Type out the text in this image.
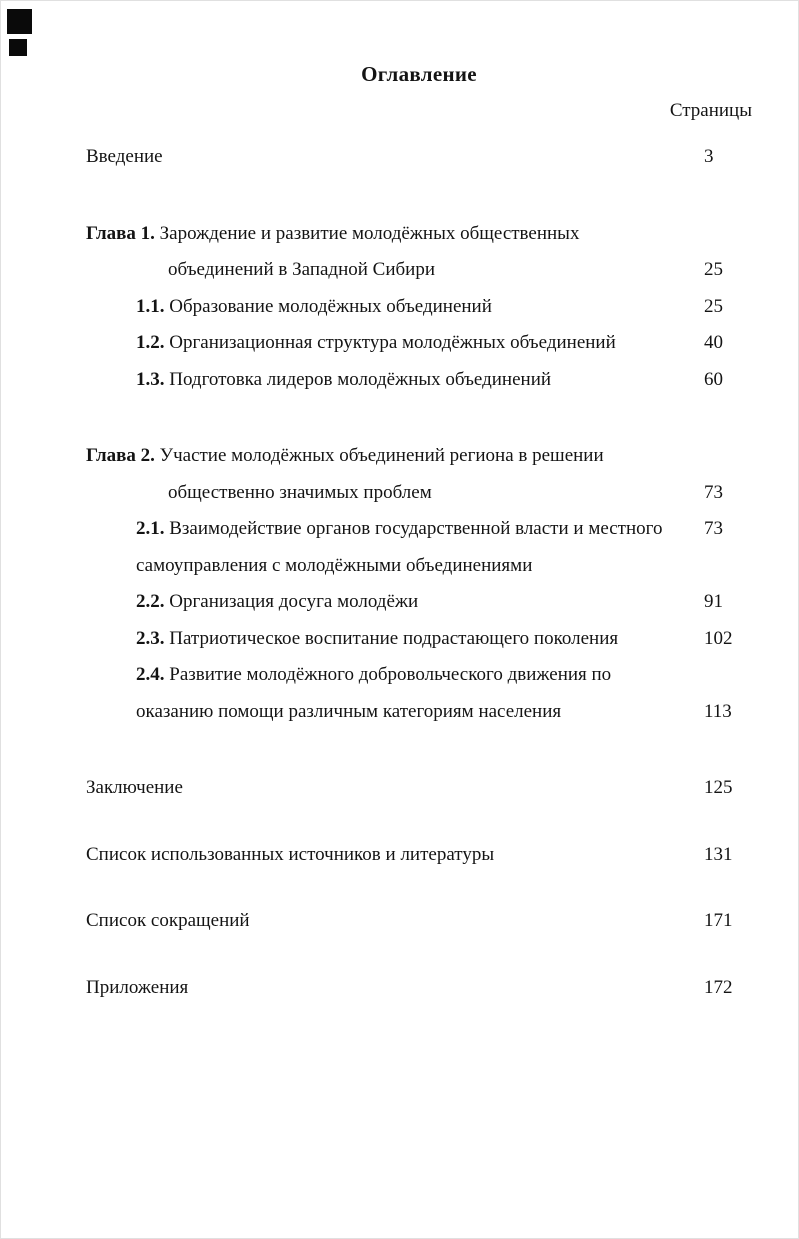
Оглавление
Страницы
Введение	3
Глава 1. Зарождение и развитие молодёжных общественных
объединений в Западной Сибири	25
1.1. Образование молодёжных объединений	25
1.2. Организационная структура молодёжных объединений	40
1.3. Подготовка лидеров молодёжных объединений	60
Глава 2. Участие молодёжных объединений региона в решении
общественно значимых проблем	73
2.1. Взаимодействие органов государственной власти и местного	73
самоуправления с молодёжными объединениями
2.2. Организация досуга молодёжи	91
2.3. Патриотическое воспитание подрастающего поколения	102
2.4. Развитие молодёжного добровольческого движения по
оказанию помощи различным категориям населения	113
Заключение	125
Список использованных источников и литературы	131
Список сокращений	171
Приложения	172
